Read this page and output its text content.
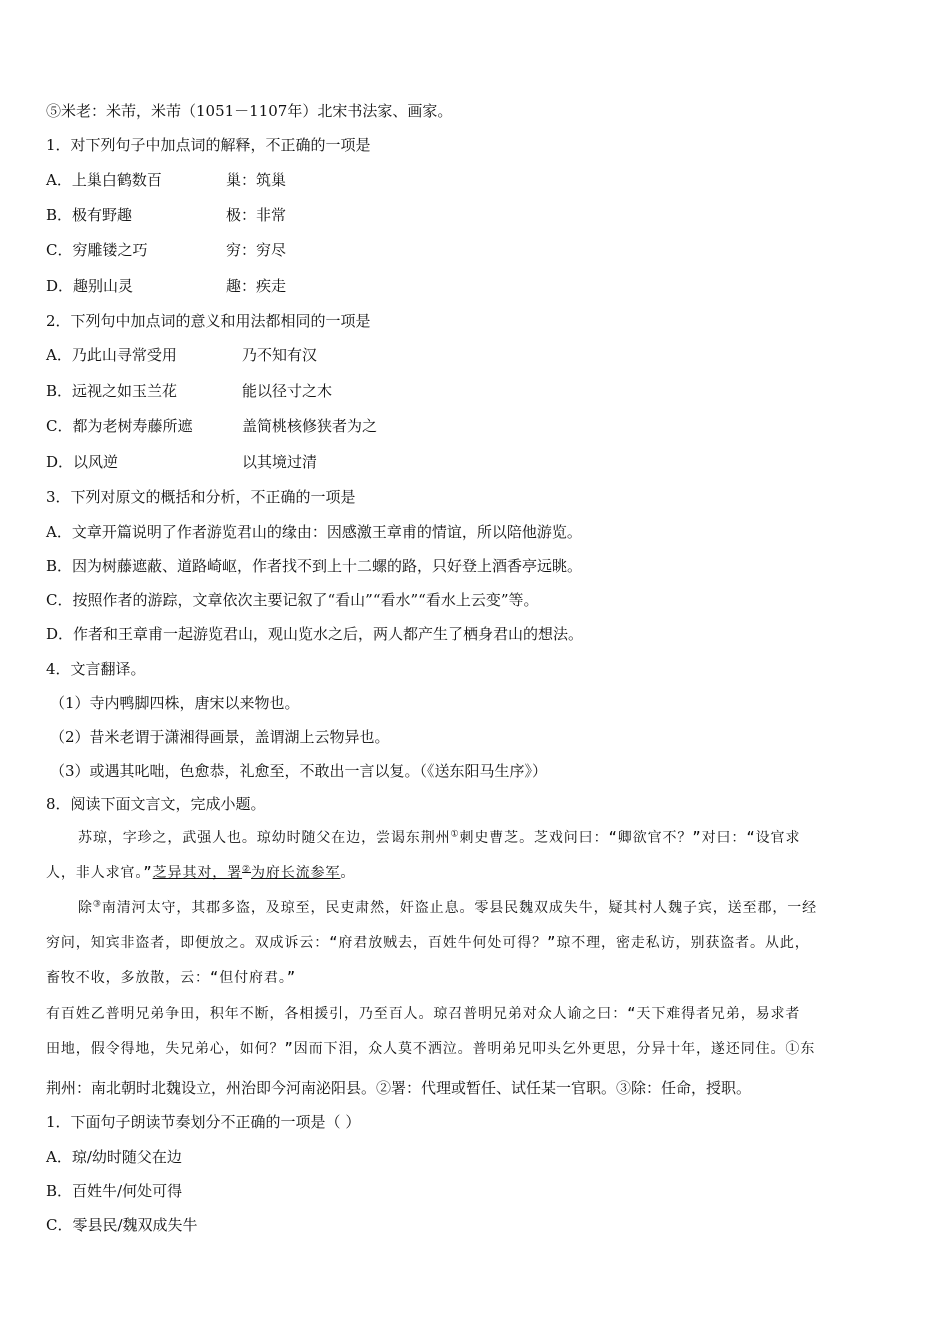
⑤米老：米芾，米芾（1051－1107年）北宋书法家、画家。
1．对下列句子中加点词的解释，不正确的一项是
A．上巢白鹤数百	巢：筑巢
B．极有野趣	极：非常
C．穷雕镂之巧	穷：穷尽
D．趣别山灵	趣：疾走
2．下列句中加点词的意义和用法都相同的一项是
A．乃此山寻常受用	乃不知有汉
B．远视之如玉兰花	能以径寸之木
C．都为老树寿藤所遮	盖简桃核修狭者为之
D．以风逆	以其境过清
3．下列对原文的概括和分析，不正确的一项是
A．文章开篇说明了作者游览君山的缘由：因感激王章甫的情谊，所以陪他游览。
B．因为树藤遮蔽、道路崎岖，作者找不到上十二螺的路，只好登上酒香亭远眺。
C．按照作者的游踪，文章依次主要记叙了“看山”“看水”“看水上云变”等。
D．作者和王章甫一起游览君山，观山览水之后，两人都产生了栖身君山的想法。
4．文言翻译。
（1）寺内鸭脚四株，唐宋以来物也。
（2）昔米老谓于潇湘得画景，盖谓湖上云物异也。
（3）或遇其叱咄，色愈恭，礼愈至，不敢出一言以复。（《送东阳马生序》）
8．阅读下面文言文，完成小题。
苏琼，字珍之，武强人也。琼幼时随父在边，尝谒东荆州①刺史曹芝。芝戏问曰：“卿欲官不？”对曰：“设官求
人，非人求官。”芝异其对，署②为府长流参军。
除③南清河太守，其郡多盗，及琼至，民吏肃然，奸盗止息。零县民魏双成失牛，疑其村人魏子宾，送至郡，一经
穷问，知宾非盗者，即便放之。双成诉云：“府君放贼去，百姓牛何处可得？”琼不理，密走私访，别获盗者。从此，
畜牧不收，多放散，云：“但付府君。”
有百姓乙普明兄弟争田，积年不断，各相援引，乃至百人。琼召普明兄弟对众人谕之曰：“天下难得者兄弟，易求者
田地，假令得地，失兄弟心，如何？”因而下泪，众人莫不洒泣。普明弟兄叩头乞外更思，分异十年，遂还同住。①东
荆州：南北朝时北魏设立，州治即今河南泌阳县。②署：代理或暂任、试任某一官职。③除：任命，授职。
1．下面句子朗读节奏划分不正确的一项是（ ）
A．琼/幼时随父在边
B．百姓牛/何处可得
C．零县民/魏双成失牛
